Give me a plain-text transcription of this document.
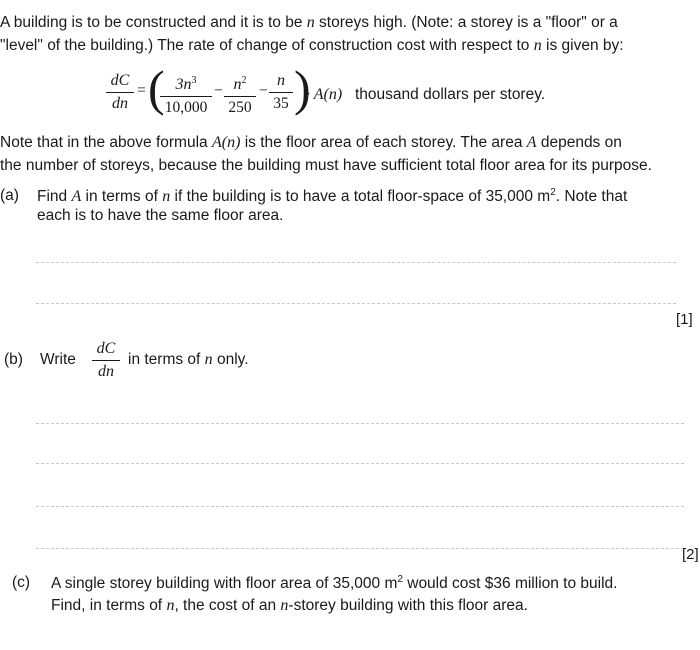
A building is to be constructed and it is to be n storeys high. (Note: a storey is a "floor" or a
"level" of the building.) The rate of change of construction cost with respect to n is given by:
dC
dn
= ( $3n^3$
10,000
− $n^2$
250
−
n
35 )
· A(n) thousand dollars per storey.
Note that in the above formula A(n) is the floor area of each storey. The area A depends on
the number of storeys, because the building must have sufficient total floor area for its purpose.
(a) Find A in terms of n if the building is to have a total floor-space of 35,000 $m^2$. Note that
each is to have the same floor area.
[1]
(b) Write
dC
dn
in terms of n only.
[2]
(c) A single storey building with floor area of 35,000 $m^2$ would cost $36 million to build.
Find, in terms of n, the cost of an n-storey building with this floor area.
